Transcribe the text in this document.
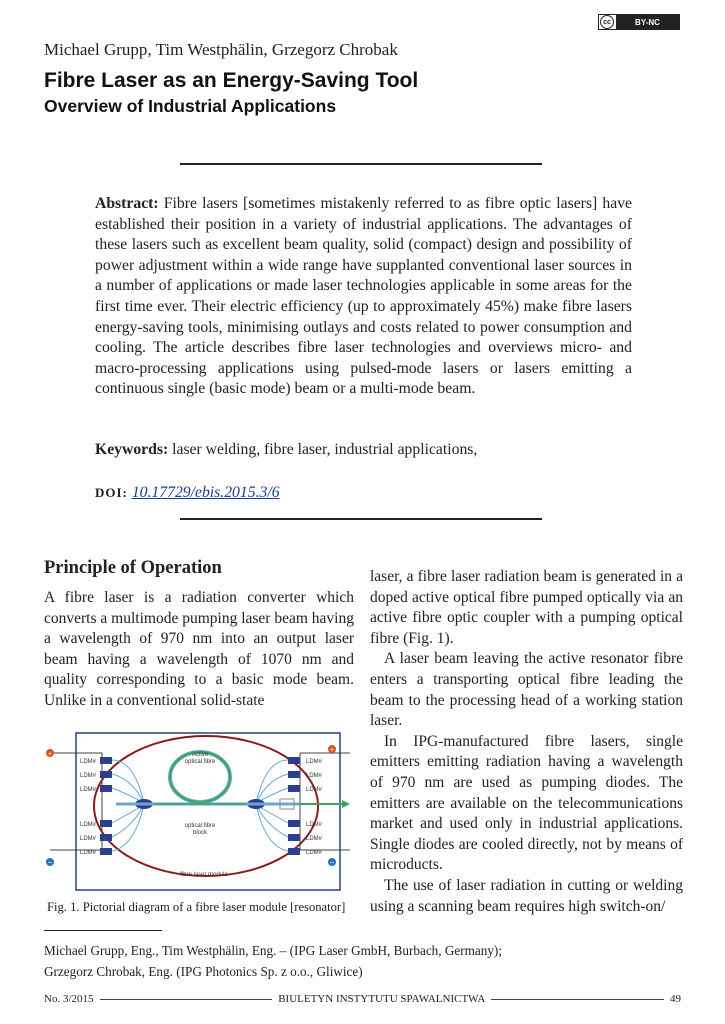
cc	BY-NC
Michael Grupp, Tim Westphälin, Grzegorz Chrobak
Fibre Laser as an Energy-Saving Tool
Overview of Industrial Applications
Abstract: Fibre lasers [sometimes mistakenly referred to as fibre optic lasers] have established their position in a variety of industrial applications. The advantages of these lasers such as excellent beam quality, solid (compact) design and possibility of power adjustment within a wide range have supplanted conventional laser sources in a number of applications or made laser technologies applicable in some areas for the first time ever. Their electric efficiency (up to approximately 45%) make fibre lasers energy-saving tools, minimising outlays and costs related to power consumption and cooling. The article describes fibre laser technologies and overviews micro- and macro-processing applications using pulsed-mode lasers or lasers emitting a continuous single (basic mode) beam or a multi-mode beam.
Keywords: laser welding, fibre laser, industrial applications,
DOI: 10.17729/ebis.2015.3/6
Principle of Operation

A fibre laser is a radiation converter which converts a multimode pumping laser beam having a wavelength of 970 nm into an output laser beam having a wavelength of 1070 nm and quality corresponding to a basic mode beam. Unlike in a conventional solid-state

laser, a fibre laser radiation beam is generated in a doped active optical fibre pumped optically via an active fibre optic coupler with a pumping optical fibre (Fig. 1).

A laser beam leaving the active resonator fibre enters a transporting optical fibre leading the beam to the processing head of a working station laser.

In IPG-manufactured fibre lasers, single emitters emitting radiation having a wavelength of 970 nm are used as pumping diodes. The emitters are available on the telecommunications market and used only in industrial applications. Single diodes are cooled directly, not by means of microducts.

The use of laser radiation in cutting or welding using a scanning beam requires high switch-on/

+
−
+
−
LDM#
LDM#
LDM#
LDM#
LDM#
LDM#
LDM#
LDM#
LDM#
LDM#
LDM#
LDM#
Active
optical fibre
optical fibre
block
fibre laser module
Fig. 1. Pictorial diagram of a fibre laser module [resonator]
Michael Grupp, Eng., Tim Westphälin, Eng. – (IPG Laser GmbH, Burbach, Germany);
Grzegorz Chrobak, Eng. (IPG Photonics Sp. z o.o., Gliwice)
No. 3/2015	BIULETYN INSTYTUTU SPAWALNICTWA	49
